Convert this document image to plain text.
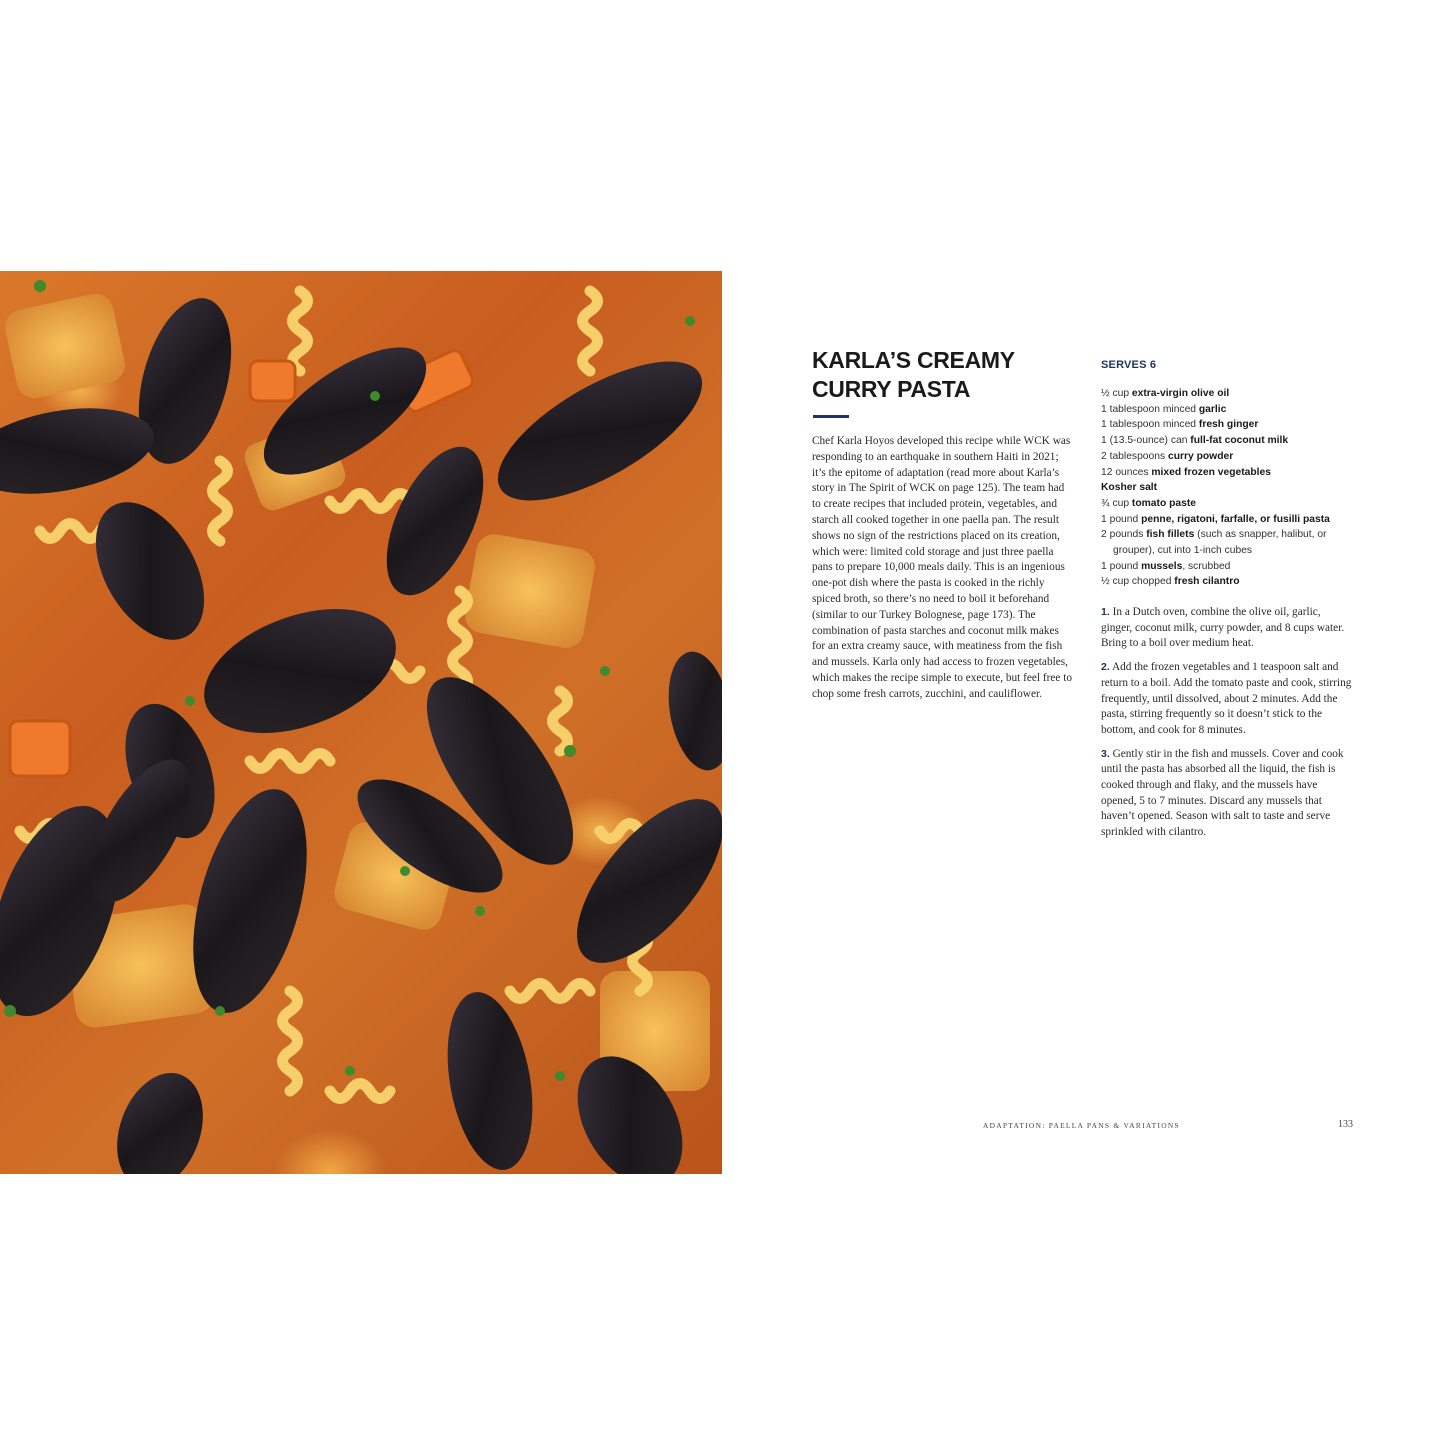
KARLA’S CREAMY
CURRY PASTA
Chef Karla Hoyos developed this recipe while WCK was responding to an earthquake in southern Haiti in 2021; it’s the epitome of adaptation (read more about Karla’s story in The Spirit of WCK on page 125). The team had to create recipes that included protein, vegetables, and starch all cooked together in one paella pan. The result shows no sign of the restrictions placed on its creation, which were: limited cold storage and just three paella pans to prepare 10,000 meals daily. This is an ingenious one-pot dish where the pasta is cooked in the richly spiced broth, so there’s no need to boil it beforehand (similar to our Turkey Bolognese, page 173). The combination of pasta starches and coconut milk makes for an extra creamy sauce, with meatiness from the fish and mussels. Karla only had access to frozen vegetables, which makes the recipe simple to execute, but feel free to chop some fresh carrots, zucchini, and cauliflower.
SERVES 6
½ cup extra-virgin olive oil
1 tablespoon minced garlic
1 tablespoon minced fresh ginger
1 (13.5-ounce) can full-fat coconut milk
2 tablespoons curry powder
12 ounces mixed frozen vegetables
Kosher salt
¾ cup tomato paste
1 pound penne, rigatoni, farfalle, or fusilli pasta
2 pounds fish fillets (such as snapper, halibut, or grouper), cut into 1-inch cubes
1 pound mussels, scrubbed
½ cup chopped fresh cilantro

1. In a Dutch oven, combine the olive oil, garlic, ginger, coconut milk, curry powder, and 8 cups water. Bring to a boil over medium heat.

2. Add the frozen vegetables and 1 teaspoon salt and return to a boil. Add the tomato paste and cook, stirring frequently, until dissolved, about 2 minutes. Add the pasta, stirring frequently so it doesn’t stick to the bottom, and cook for 8 minutes.

3. Gently stir in the fish and mussels. Cover and cook until the pasta has absorbed all the liquid, the fish is cooked through and flaky, and the mussels have opened, 5 to 7 minutes. Discard any mussels that haven’t opened. Season with salt to taste and serve sprinkled with cilantro.

ADAPTATION: PAELLA PANS & VARIATIONS	133
